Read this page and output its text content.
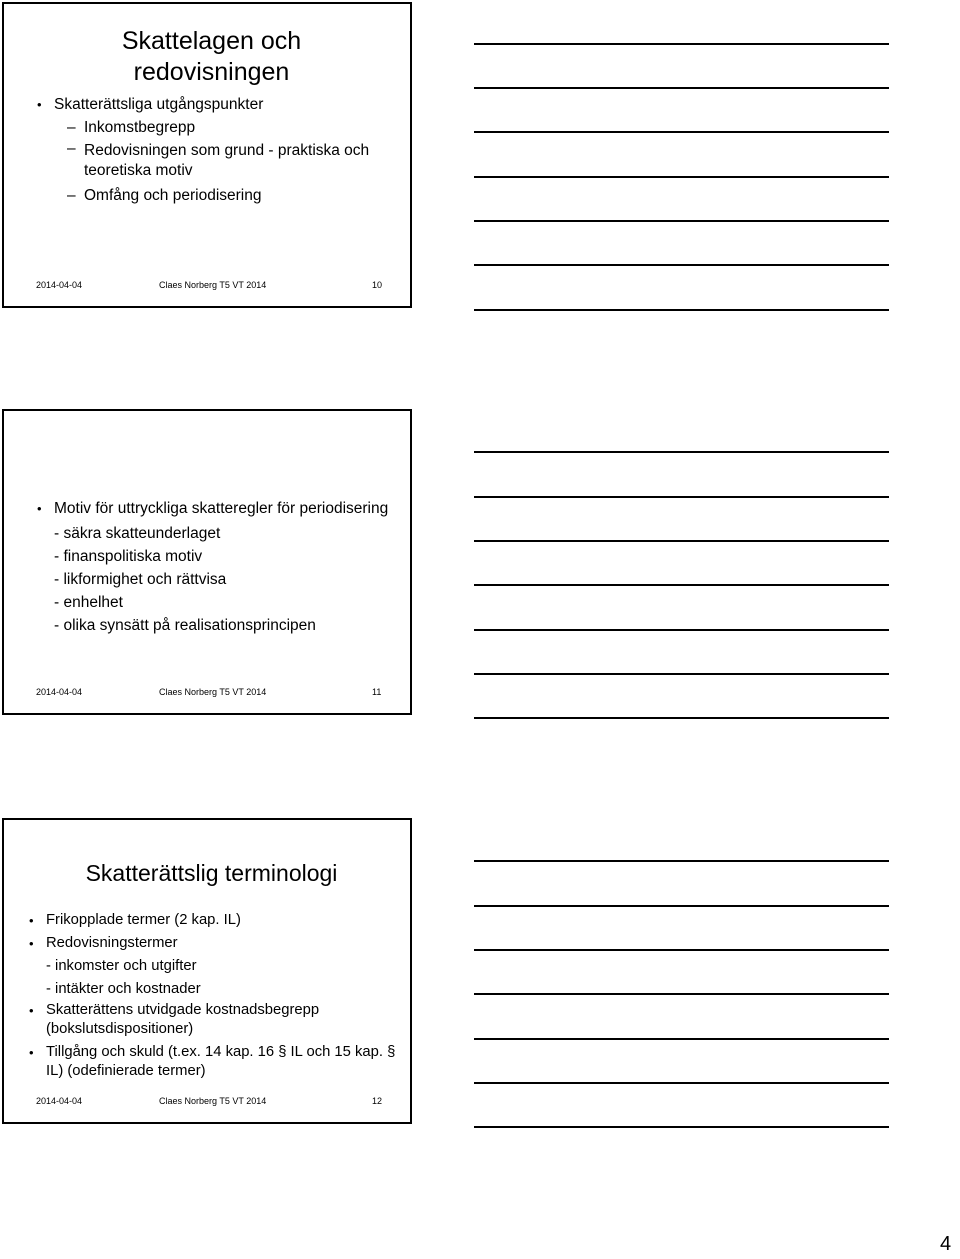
Skattelagen och redovisningen
• Skatterättsliga utgångspunkter
– Inkomstbegrepp
– Redovisningen som grund - praktiska och teoretiska motiv
– Omfång och periodisering
2014-04-04	Claes Norberg T5 VT 2014	10
• Motiv för uttryckliga skatteregler för periodisering
- säkra skatteunderlaget
- finanspolitiska motiv
- likformighet och rättvisa
- enhelhet
- olika synsätt på realisationsprincipen
2014-04-04	Claes Norberg T5 VT 2014	11
Skatterättslig terminologi
• Frikopplade termer (2 kap. IL)
• Redovisningstermer
- inkomster och utgifter
- intäkter och kostnader
• Skatterättens utvidgade kostnadsbegrepp (bokslutsdispositioner)
• Tillgång och skuld (t.ex. 14 kap. 16 § IL och 15 kap. § IL) (odefinierade termer)
2014-04-04	Claes Norberg T5 VT 2014	12
4
